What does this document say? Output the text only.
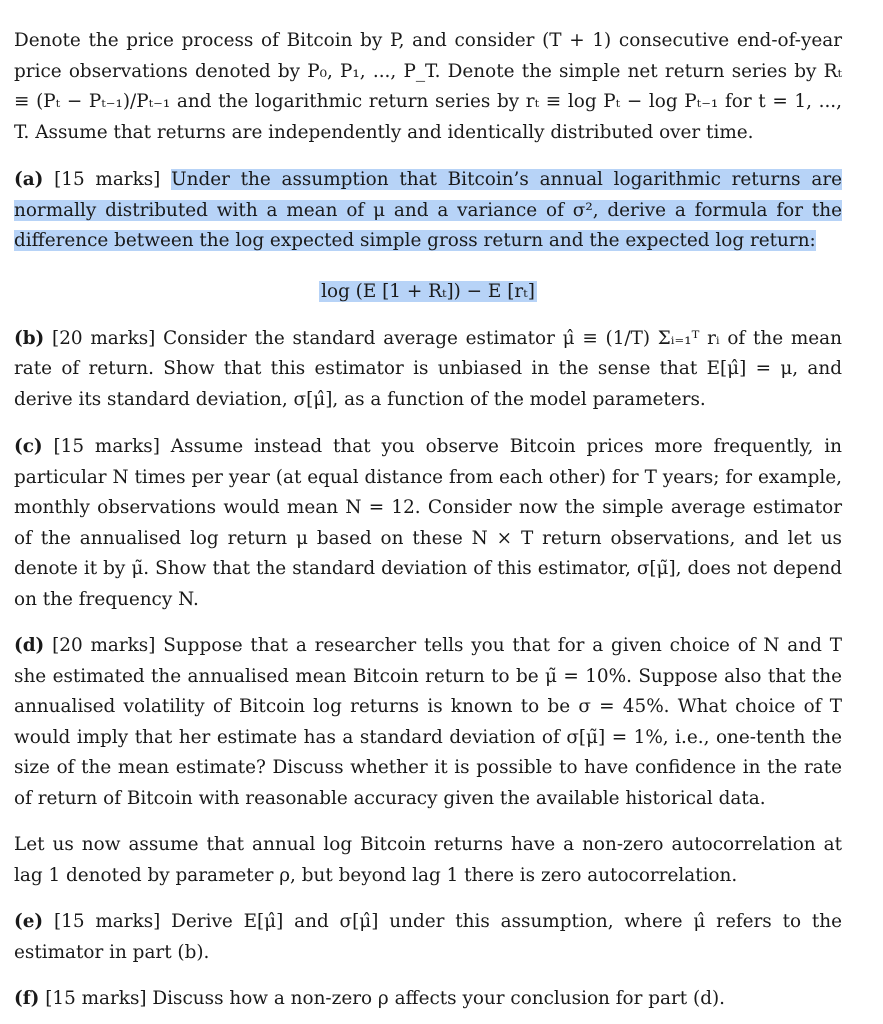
Denote the price process of Bitcoin by P, and consider (T + 1) consecutive end-of-year price observations denoted by P₀, P₁, ..., P_T. Denote the simple net return series by Rₜ ≡ (Pₜ − Pₜ₋₁)/Pₜ₋₁ and the logarithmic return series by rₜ ≡ log Pₜ − log Pₜ₋₁ for t = 1, ..., T. Assume that returns are independently and identically distributed over time.

(a) [15 marks] Under the assumption that Bitcoin’s annual logarithmic returns are normally distributed with a mean of μ and a variance of σ², derive a formula for the difference between the log expected simple gross return and the expected log return:

log (E [1 + Rₜ]) − E [rₜ]

(b) [20 marks] Consider the standard average estimator μ̂ ≡ (1/T) Σᵢ₌₁ᵀ rᵢ of the mean rate of return. Show that this estimator is unbiased in the sense that E[μ̂] = μ, and derive its standard deviation, σ[μ̂], as a function of the model parameters.

(c) [15 marks] Assume instead that you observe Bitcoin prices more frequently, in particular N times per year (at equal distance from each other) for T years; for example, monthly observations would mean N = 12. Consider now the simple average estimator of the annualised log return μ based on these N × T return observations, and let us denote it by μ̃. Show that the standard deviation of this estimator, σ[μ̃], does not depend on the frequency N.

(d) [20 marks] Suppose that a researcher tells you that for a given choice of N and T she estimated the annualised mean Bitcoin return to be μ̃ = 10%. Suppose also that the annualised volatility of Bitcoin log returns is known to be σ = 45%. What choice of T would imply that her estimate has a standard deviation of σ[μ̃] = 1%, i.e., one-tenth the size of the mean estimate? Discuss whether it is possible to have confidence in the rate of return of Bitcoin with reasonable accuracy given the available historical data.

Let us now assume that annual log Bitcoin returns have a non-zero autocorrelation at lag 1 denoted by parameter ρ, but beyond lag 1 there is zero autocorrelation.

(e) [15 marks] Derive E[μ̂] and σ[μ̂] under this assumption, where μ̂ refers to the estimator in part (b).

(f) [15 marks] Discuss how a non-zero ρ affects your conclusion for part (d).
